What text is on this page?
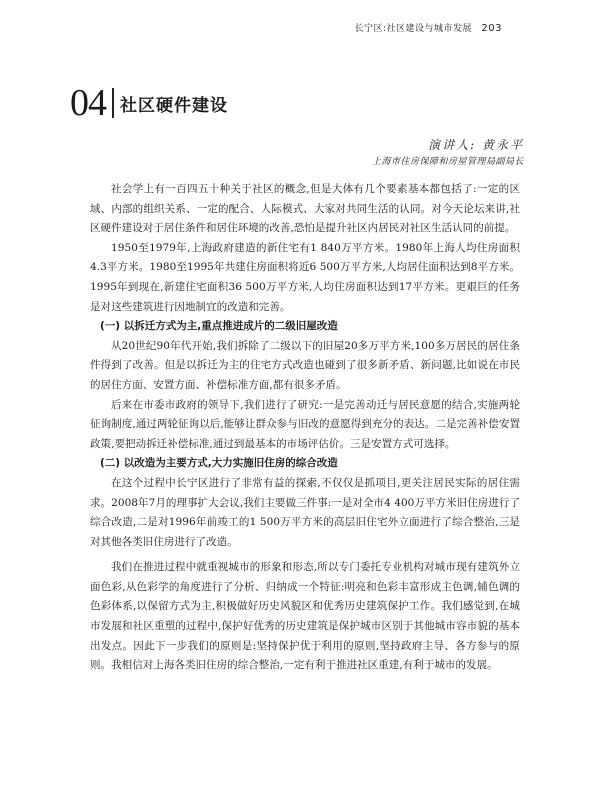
长宁区:社区建设与城市发展 203
04 社区硬件建设
演讲人: 黄永平
上海市住房保障和房屋管理局副局长

社会学上有一百四五十种关于社区的概念,但是大体有几个要素基本都包括了:一定的区域、内部的组织关系、一定的配合、人际模式、大家对共同生活的认同。对今天论坛来讲,社区硬件建设对于居住条件和居住环境的改善,恐怕是提升社区内居民对社区生活认同的前提。

1950至1979年,上海政府建造的新住宅有1 840万平方米。1980年上海人均住房面积4.3平方米。1980至1995年共建住房面积将近6 500万平方米,人均居住面积达到8平方米。1995年到现在,新建住宅面积36 500万平方米,人均住房面积达到17平方米。更艰巨的任务是对这些建筑进行因地制宜的改造和完善。

(一) 以拆迁方式为主,重点推进成片的二级旧屋改造

从20世纪90年代开始,我们拆除了二级以下的旧屋20多万平方米,100多万居民的居住条件得到了改善。但是以拆迁为主的住宅方式改造也碰到了很多新矛盾、新问题,比如说在市民的居住方面、安置方面、补偿标准方面,都有很多矛盾。

后来在市委市政府的领导下,我们进行了研究:一是完善动迁与居民意愿的结合,实施两轮征询制度,通过两轮征询以后,能够让群众参与旧改的意愿得到充分的表达。二是完善补偿安置政策,要把动拆迁补偿标准,通过到最基本的市场评估价。三是安置方式可选择。

(二) 以改造为主要方式,大力实施旧住房的综合改造

在这个过程中长宁区进行了非常有益的探索,不仅仅是抓项目,更关注居民实际的居住需求。2008年7月的理事扩大会议,我们主要做三件事:一是对全市4 400万平方米旧住房进行了综合改造,二是对1996年前竣工的1 500万平方米的高层旧住宅外立面进行了综合整治,三是对其他各类旧住房进行了改造。

我们在推进过程中就重视城市的形象和形态,所以专门委托专业机构对城市现有建筑外立面色彩,从色彩学的角度进行了分析、归纳成一个特征:明亮和色彩丰富形成主色调,辅色调的色彩体系,以保留方式为主,积极做好历史风貌区和优秀历史建筑保护工作。我们感觉到,在城市发展和社区重塑的过程中,保护好优秀的历史建筑是保护城市区别于其他城市容市貌的基本出发点。因此下一步我们的原则是:坚持保护优于利用的原则,坚持政府主导、各方参与的原则。我相信对上海各类旧住房的综合整治,一定有利于推进社区重建,有利于城市的发展。
